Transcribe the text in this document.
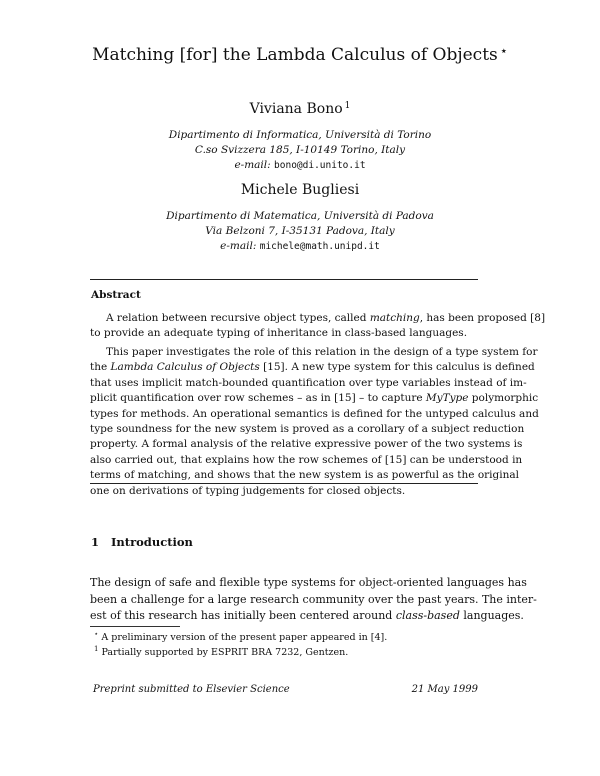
Matching [for] the Lambda Calculus of Objects ⋆
Viviana Bono $^1$
Dipartimento di Informatica, Università di Torino
C.so Svizzera 185, I-10149 Torino, Italy
e-mail: bono@di.unito.it
Michele Bugliesi
Dipartimento di Matematica, Università di Padova
Via Belzoni 7, I-35131 Padova, Italy
e-mail: michele@math.unipd.it
Abstract
A relation between recursive object types, called matching, has been proposed [8]
to provide an adequate typing of inheritance in class-based languages.
This paper investigates the role of this relation in the design of a type system for
the Lambda Calculus of Objects [15]. A new type system for this calculus is defined
that uses implicit match-bounded quantification over type variables instead of im-
plicit quantification over row schemes – as in [15] – to capture MyType polymorphic
types for methods. An operational semantics is defined for the untyped calculus and
type soundness for the new system is proved as a corollary of a subject reduction
property. A formal analysis of the relative expressive power of the two systems is
also carried out, that explains how the row schemes of [15] can be understood in
terms of matching, and shows that the new system is as powerful as the original
one on derivations of typing judgements for closed objects.
1 Introduction
The design of safe and flexible type systems for object-oriented languages has
been a challenge for a large research community over the past years. The inter-
est of this research has initially been centered around class-based languages.
⋆ A preliminary version of the present paper appeared in [4].
$^1$ Partially supported by ESPRIT BRA 7232, Gentzen.
Preprint submitted to Elsevier Science	21 May 1999
